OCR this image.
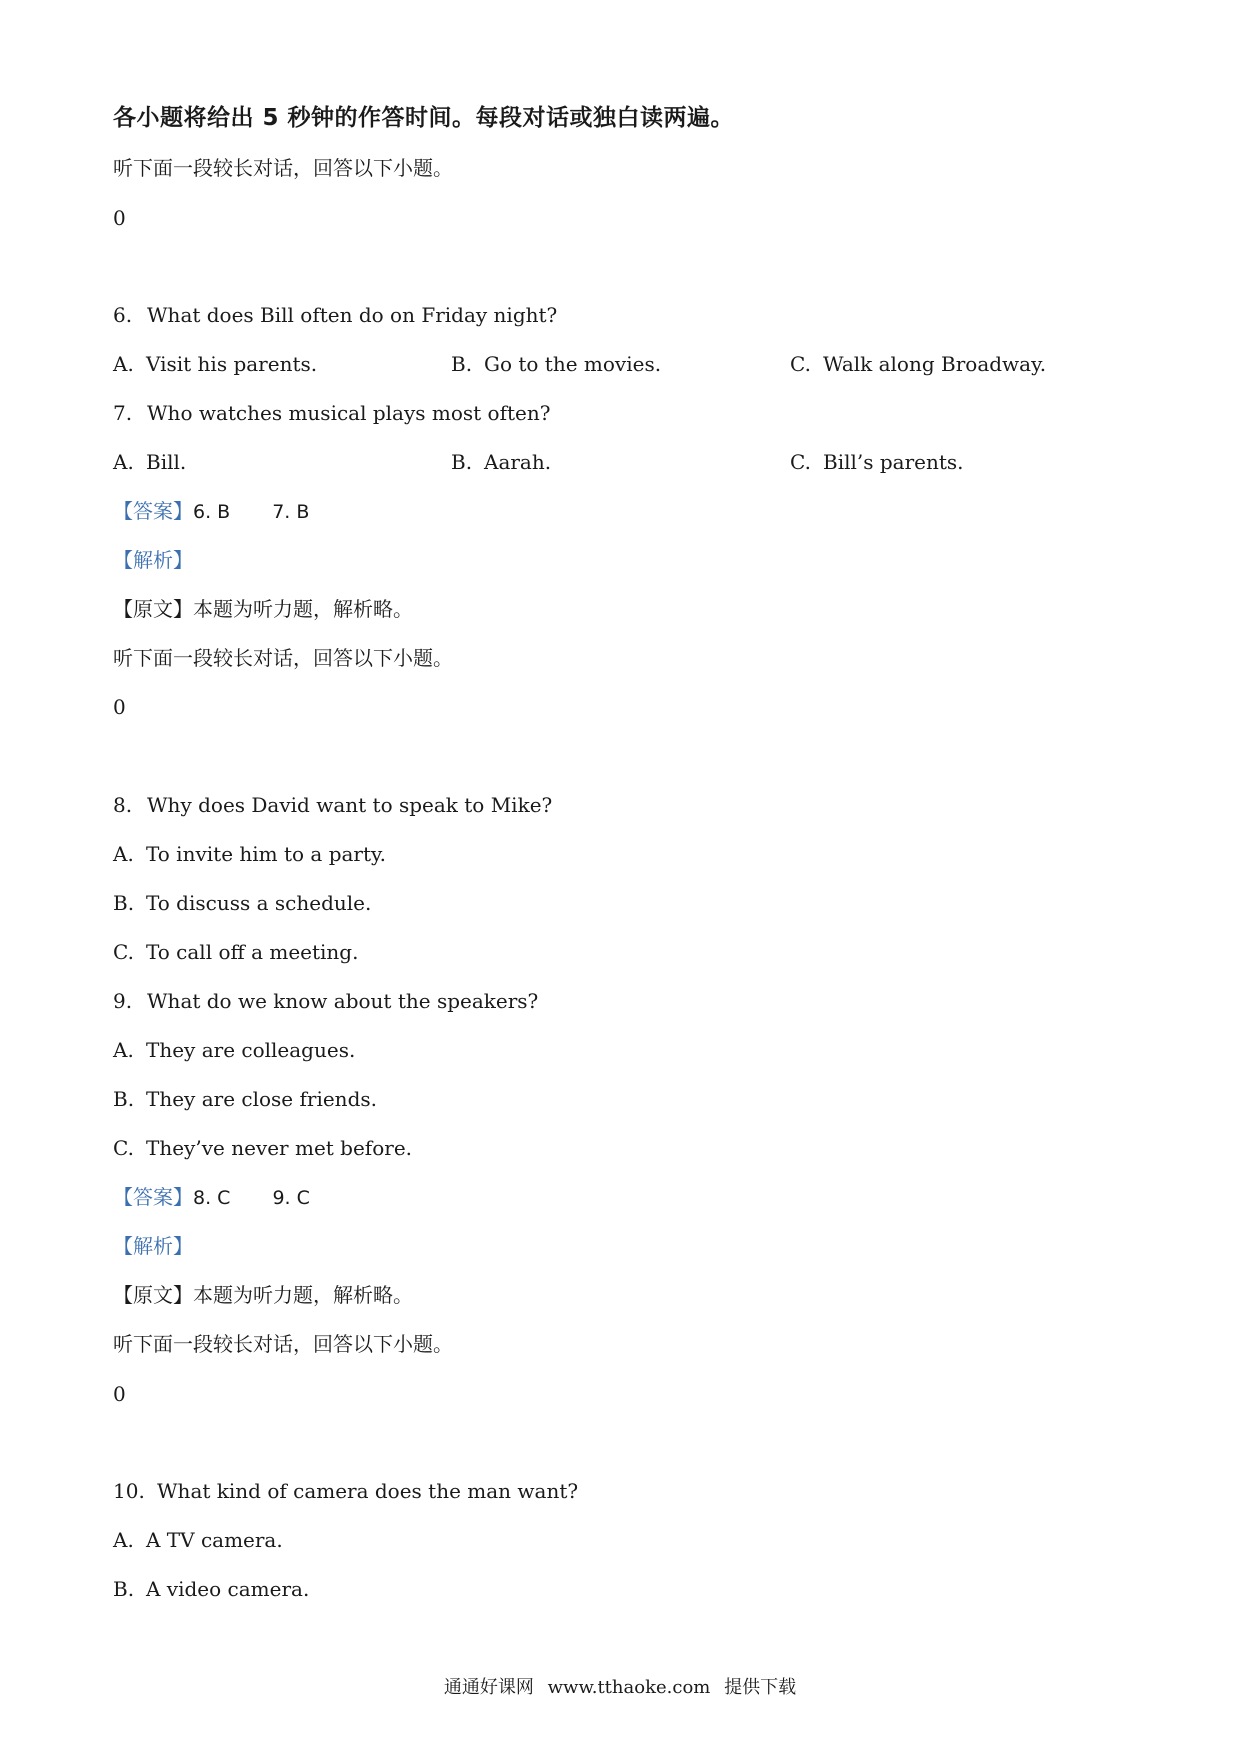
各小题将给出 5 秒钟的作答时间。每段对话或独白读两遍。
听下面一段较长对话，回答以下小题。
0
6. What does Bill often do on Friday night?
A. Visit his parents.	B. Go to the movies.	C. Walk along Broadway.
7. Who watches musical plays most often?
A. Bill.	B. Aarah.	C. Bill’s parents.
【答案】6. B 7. B
【解析】
【原文】本题为听力题，解析略。
听下面一段较长对话，回答以下小题。
0
8. Why does David want to speak to Mike?
A. To invite him to a party.
B. To discuss a schedule.
C. To call off a meeting.
9. What do we know about the speakers?
A. They are colleagues.
B. They are close friends.
C. They’ve never met before.
【答案】8. C 9. C
【解析】
【原文】本题为听力题，解析略。
听下面一段较长对话，回答以下小题。
0
10. What kind of camera does the man want?
A. A TV camera.
B. A video camera.
通通好课网 www.tthaoke.com 提供下载
